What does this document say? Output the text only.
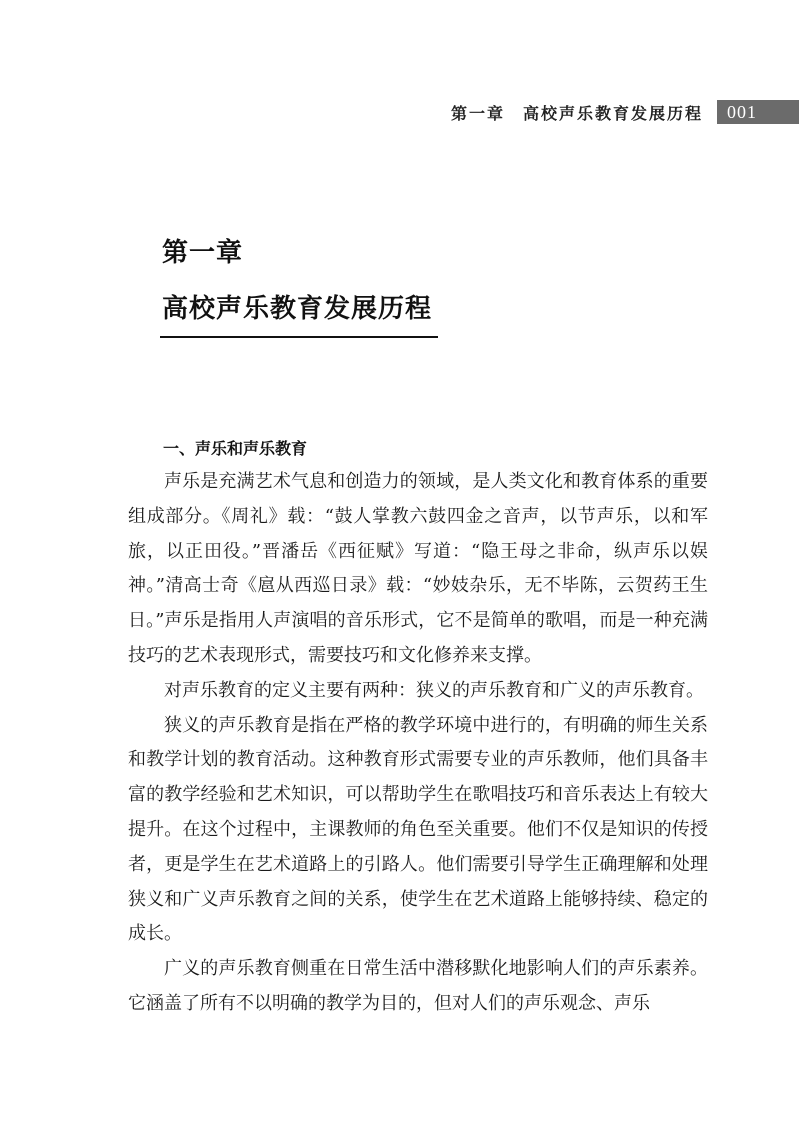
第一章 高校声乐教育发展历程	001
第一章
高校声乐教育发展历程
一、声乐和声乐教育

声乐是充满艺术气息和创造力的领域，是人类文化和教育体系的重要组成部分。《周礼》载：“鼓人掌教六鼓四金之音声，以节声乐，以和军旅，以正田役。”晋潘岳《西征赋》写道：“隐王母之非命，纵声乐以娱神。”清高士奇《扈从西巡日录》载：“妙妓杂乐，无不毕陈，云贺药王生日。”声乐是指用人声演唱的音乐形式，它不是简单的歌唱，而是一种充满技巧的艺术表现形式，需要技巧和文化修养来支撑。

对声乐教育的定义主要有两种：狭义的声乐教育和广义的声乐教育。

狭义的声乐教育是指在严格的教学环境中进行的，有明确的师生关系和教学计划的教育活动。这种教育形式需要专业的声乐教师，他们具备丰富的教学经验和艺术知识，可以帮助学生在歌唱技巧和音乐表达上有较大提升。在这个过程中，主课教师的角色至关重要。他们不仅是知识的传授者，更是学生在艺术道路上的引路人。他们需要引导学生正确理解和处理狭义和广义声乐教育之间的关系，使学生在艺术道路上能够持续、稳定的成长。

广义的声乐教育侧重在日常生活中潜移默化地影响人们的声乐素养。它涵盖了所有不以明确的教学为目的，但对人们的声乐观念、声乐
